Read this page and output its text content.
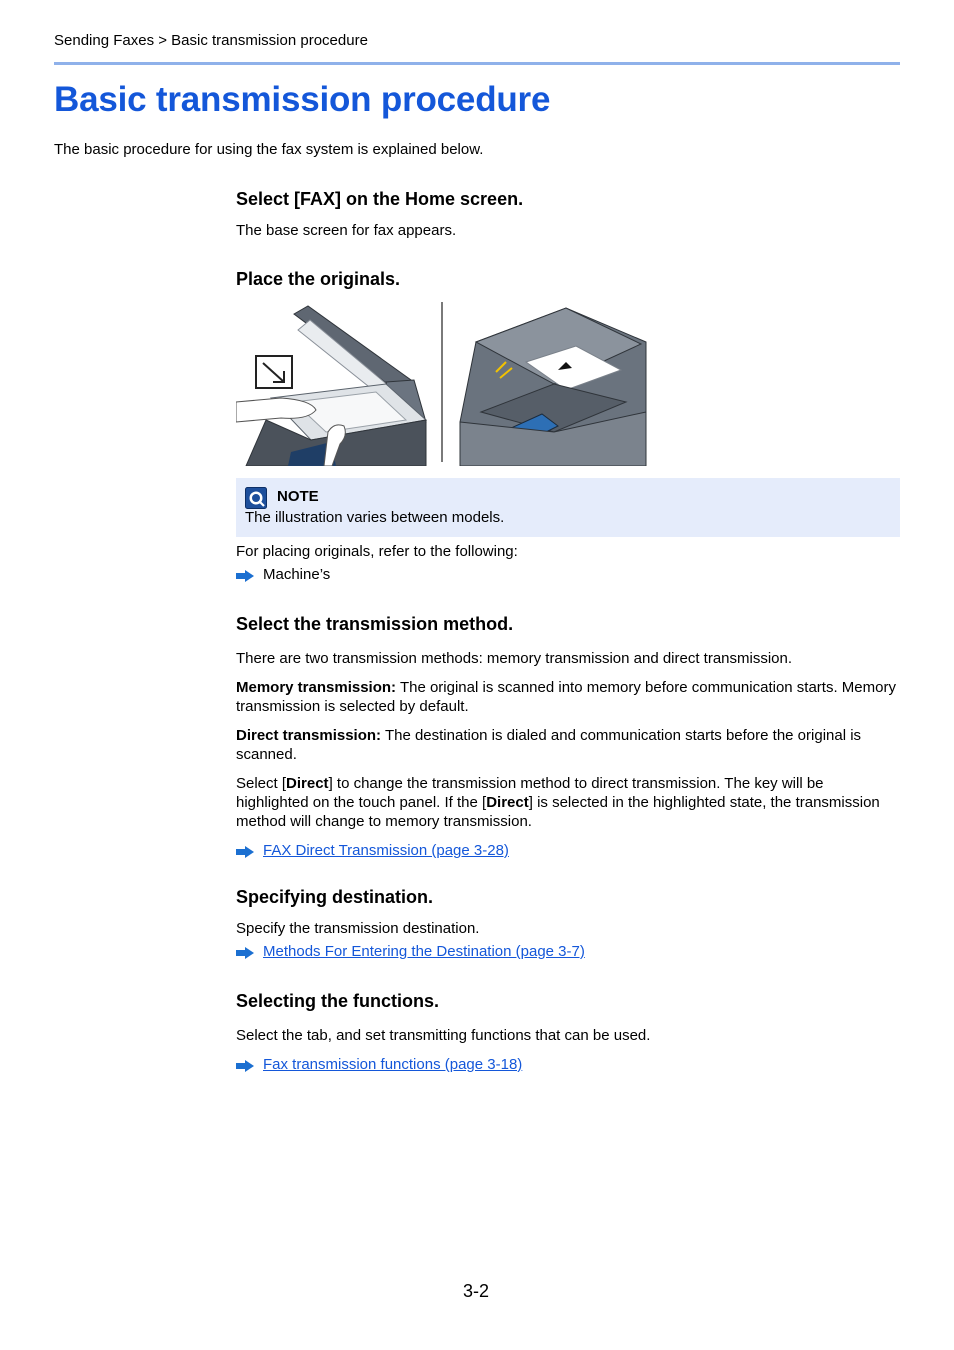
Sending Faxes > Basic transmission procedure
Basic transmission procedure
The basic procedure for using the fax system is explained below.
Select [FAX] on the Home screen.
The base screen for fax appears.
Place the originals.
NOTE
The illustration varies between models.
For placing originals, refer to the following:
Machine’s
Select the transmission method.
There are two transmission methods: memory transmission and direct transmission.
Memory transmission: The original is scanned into memory before communication starts. Memory transmission is selected by default.
Direct transmission: The destination is dialed and communication starts before the original is scanned.
Select [Direct] to change the transmission method to direct transmission. The key will be highlighted on the touch panel. If the [Direct] is selected in the highlighted state, the transmission method will change to memory transmission.
FAX Direct Transmission (page 3-28)
Specifying destination.
Specify the transmission destination.
Methods For Entering the Destination (page 3-7)
Selecting the functions.
Select the tab, and set transmitting functions that can be used.
Fax transmission functions (page 3-18)
3-2
